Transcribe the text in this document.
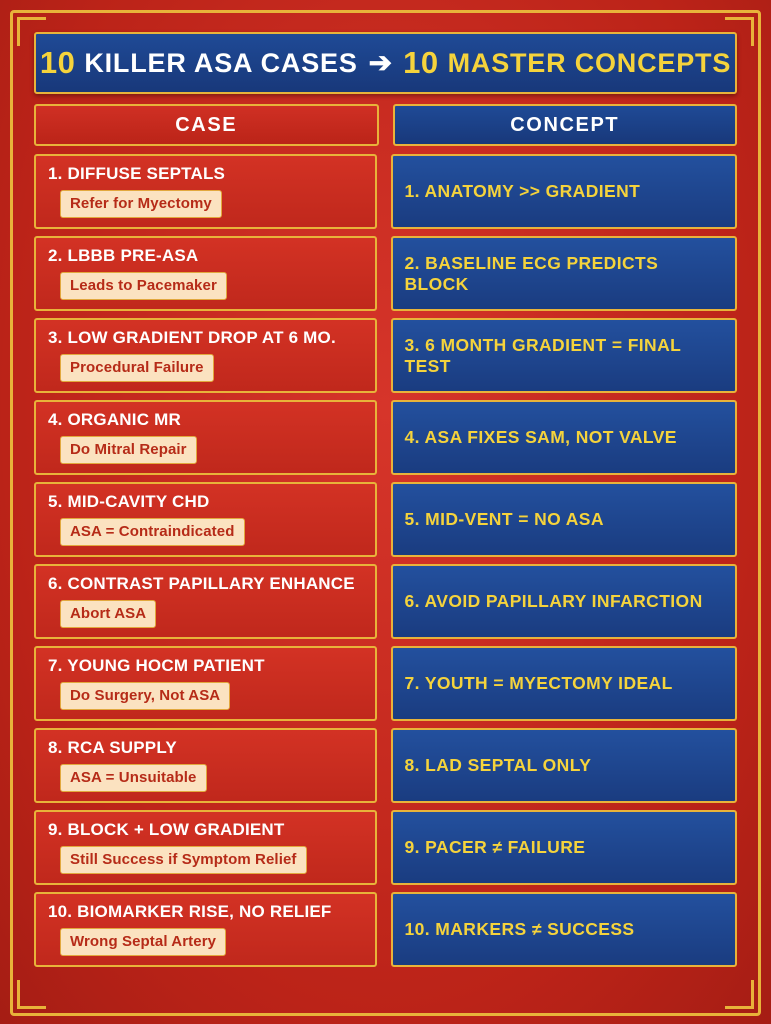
10 KILLER ASA CASES ➔ 10 MASTER CONCEPTS
CASE	CONCEPT
1. DIFFUSE SEPTALS
Refer for Myectomy
1. ANATOMY >> GRADIENT
2. LBBB PRE-ASA
Leads to Pacemaker
2. BASELINE ECG PREDICTS BLOCK
3. LOW GRADIENT DROP AT 6 MO.
Procedural Failure
3. 6 MONTH GRADIENT = FINAL TEST
4. ORGANIC MR
Do Mitral Repair
4. ASA FIXES SAM, NOT VALVE
5. MID-CAVITY CHD
ASA = Contraindicated
5. MID-VENT = NO ASA
6. CONTRAST PAPILLARY ENHANCE
Abort ASA
6. AVOID PAPILLARY INFARCTION
7. YOUNG HOCM PATIENT
Do Surgery, Not ASA
7. YOUTH = MYECTOMY IDEAL
8. RCA SUPPLY
ASA = Unsuitable
8. LAD SEPTAL ONLY
9. BLOCK + LOW GRADIENT
Still Success if Symptom Relief
9. PACER ≠ FAILURE
10. BIOMARKER RISE, NO RELIEF
Wrong Septal Artery
10. MARKERS ≠ SUCCESS
